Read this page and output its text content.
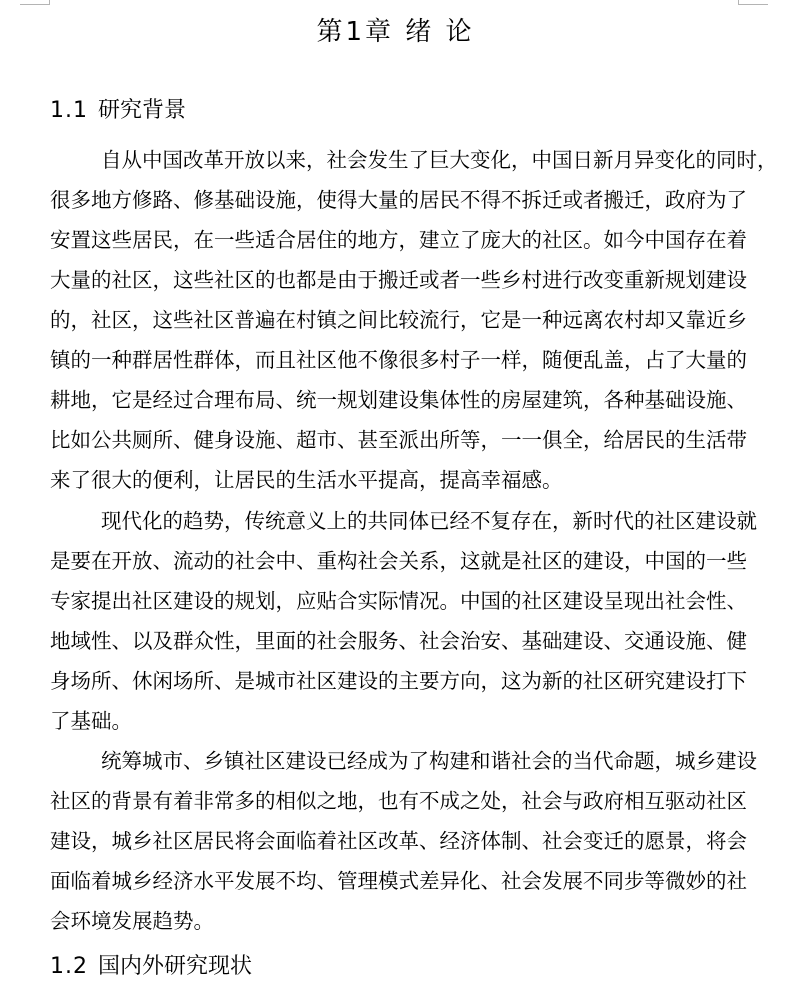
第1章 绪 论
1.1 研究背景
自从中国改革开放以来，社会发生了巨大变化，中国日新月异变化的同时，
很多地方修路、修基础设施，使得大量的居民不得不拆迁或者搬迁，政府为了
安置这些居民，在一些适合居住的地方，建立了庞大的社区。如今中国存在着
大量的社区，这些社区的也都是由于搬迁或者一些乡村进行改变重新规划建设
的，社区，这些社区普遍在村镇之间比较流行，它是一种远离农村却又靠近乡
镇的一种群居性群体，而且社区他不像很多村子一样，随便乱盖，占了大量的
耕地，它是经过合理布局、统一规划建设集体性的房屋建筑，各种基础设施、
比如公共厕所、健身设施、超市、甚至派出所等，一一俱全，给居民的生活带
来了很大的便利，让居民的生活水平提高，提高幸福感。
现代化的趋势，传统意义上的共同体已经不复存在，新时代的社区建设就
是要在开放、流动的社会中、重构社会关系，这就是社区的建设，中国的一些
专家提出社区建设的规划，应贴合实际情况。中国的社区建设呈现出社会性、
地域性、以及群众性，里面的社会服务、社会治安、基础建设、交通设施、健
身场所、休闲场所、是城市社区建设的主要方向，这为新的社区研究建设打下
了基础。
统筹城市、乡镇社区建设已经成为了构建和谐社会的当代命题，城乡建设
社区的背景有着非常多的相似之地，也有不成之处，社会与政府相互驱动社区
建设，城乡社区居民将会面临着社区改革、经济体制、社会变迁的愿景，将会
面临着城乡经济水平发展不均、管理模式差异化、社会发展不同步等微妙的社
会环境发展趋势。
1.2 国内外研究现状
